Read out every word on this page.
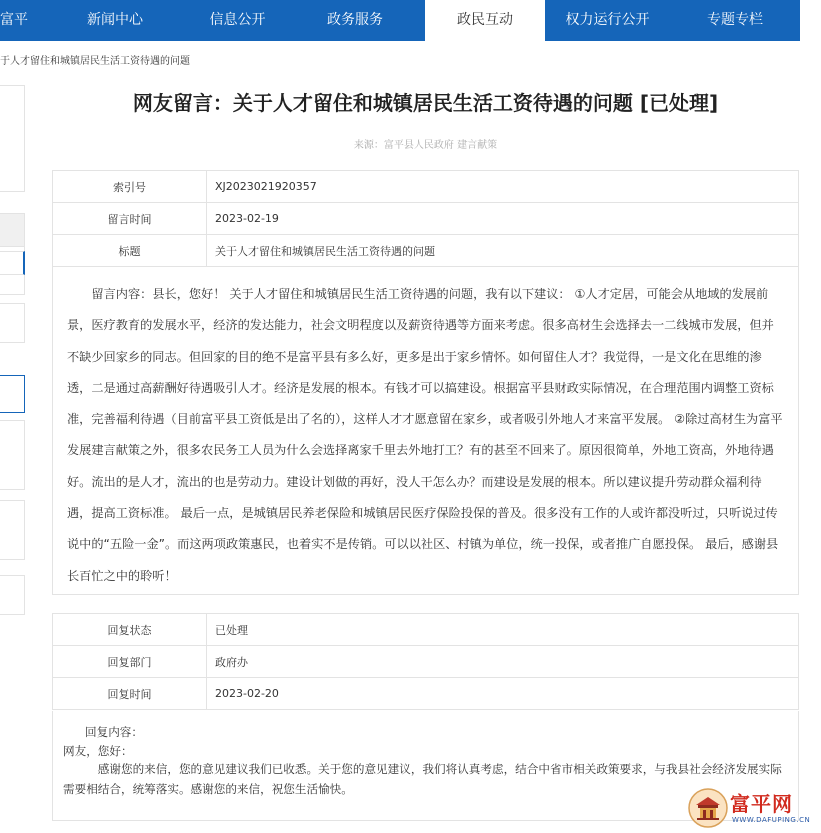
富平	新闻中心	信息公开	政务服务	政民互动	权力运行公开	专题专栏
于人才留住和城镇居民生活工资待遇的问题
网友留言：关于人才留住和城镇居民生活工资待遇的问题 [已处理]
来源：富平县人民政府 建言献策
索引号	XJ2023021920357
留言时间	2023-02-19
标题	关于人才留住和城镇居民生活工资待遇的问题
留言内容：县长，您好！ 关于人才留住和城镇居民生活工资待遇的问题，我有以下建议： ①人才定居，可能会从地域的发展前景，医疗教育的发展水平，经济的发达能力，社会文明程度以及薪资待遇等方面来考虑。很多高材生会选择去一二线城市发展，但并不缺少回家乡的同志。但回家的目的绝不是富平县有多么好，更多是出于家乡情怀。如何留住人才？我觉得，一是文化在思维的渗透，二是通过高薪酬好待遇吸引人才。经济是发展的根本。有钱才可以搞建设。根据富平县财政实际情况，在合理范围内调整工资标准，完善福利待遇（目前富平县工资低是出了名的），这样人才才愿意留在家乡，或者吸引外地人才来富平发展。 ②除过高材生为富平发展建言献策之外，很多农民务工人员为什么会选择离家千里去外地打工？有的甚至不回来了。原因很简单，外地工资高，外地待遇好。流出的是人才，流出的也是劳动力。建设计划做的再好，没人干怎么办？而建设是发展的根本。所以建议提升劳动群众福利待遇，提高工资标准。 最后一点，是城镇居民养老保险和城镇居民医疗保险投保的普及。很多没有工作的人或许都没听过，只听说过传说中的“五险一金”。而这两项政策惠民，也着实不是传销。可以以社区、村镇为单位，统一投保，或者推广自愿投保。 最后，感谢县长百忙之中的聆听！
回复状态	已处理
回复部门	政府办
回复时间	2023-02-20
回复内容：
网友，您好：
感谢您的来信，您的意见建议我们已收悉。关于您的意见建议，我们将认真考虑，结合中省市相关政策要求，与我县社会经济发展实际需要相结合，统筹落实。感谢您的来信，祝您生活愉快。
富平网
WWW.DAFUPING.CN
